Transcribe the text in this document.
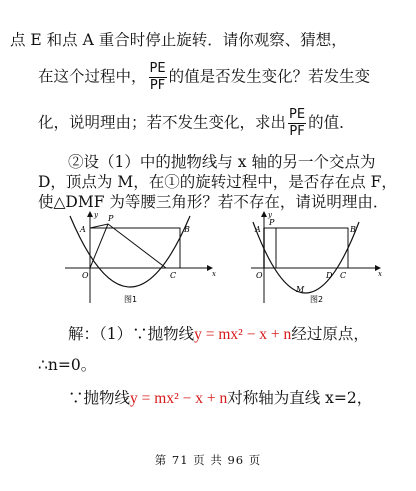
点 E 和点 A 重合时停止旋转．请你观察、猜想，
在这个过程中， $\frac{PE}{PF}$ 的值是否发生变化？若发生变
化，说明理由；若不发生变化，求出 $\frac{PE}{PF}$ 的值．
②设（1）中的抛物线与 x 轴的另一个交点为
D，顶点为 M，在①的旋转过程中，是否存在点 F，
使△DMF 为等腰三角形？若不存在，请说明理由．
y
A
P
B
O	C	x
图1
y
A
P
B
O	D C	x
M
图2
解：（1）∵抛物线y = mx² − x + n经过原点，
∴n=0。
∵抛物线y = mx² − x + n对称轴为直线 x=2，
第 71 页 共 96 页
